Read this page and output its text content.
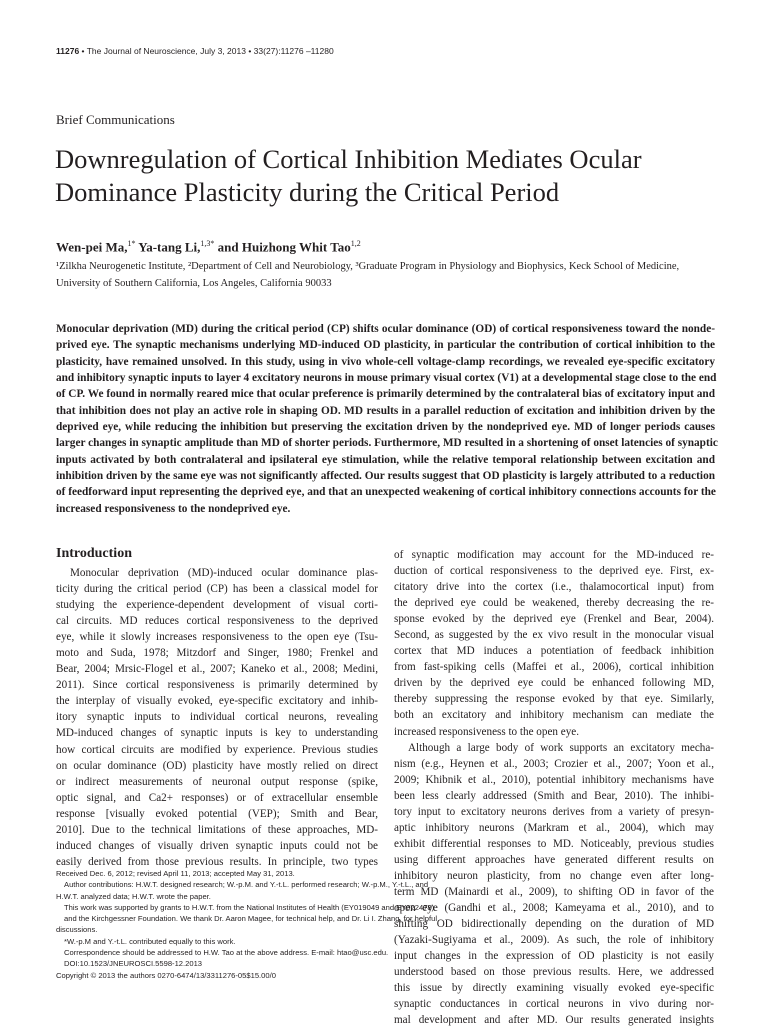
11276 • The Journal of Neuroscience, July 3, 2013 • 33(27):11276 –11280
Brief Communications
Downregulation of Cortical Inhibition Mediates Ocular
Dominance Plasticity during the Critical Period
Wen-pei Ma,$^{1*}$ Ya-tang Li,$^{1,3*}$ and Huizhong Whit Tao$^{1,2}$
¹Zilkha Neurogenetic Institute, ²Department of Cell and Neurobiology, ³Graduate Program in Physiology and Biophysics, Keck School of Medicine,
University of Southern California, Los Angeles, California 90033
Monocular deprivation (MD) during the critical period (CP) shifts ocular dominance (OD) of cortical responsiveness toward the nonde-
prived eye. The synaptic mechanisms underlying MD-induced OD plasticity, in particular the contribution of cortical inhibition to the
plasticity, have remained unsolved. In this study, using in vivo whole-cell voltage-clamp recordings, we revealed eye-specific excitatory
and inhibitory synaptic inputs to layer 4 excitatory neurons in mouse primary visual cortex (V1) at a developmental stage close to the end
of CP. We found in normally reared mice that ocular preference is primarily determined by the contralateral bias of excitatory input and
that inhibition does not play an active role in shaping OD. MD results in a parallel reduction of excitation and inhibition driven by the
deprived eye, while reducing the inhibition but preserving the excitation driven by the nondeprived eye. MD of longer periods causes
larger changes in synaptic amplitude than MD of shorter periods. Furthermore, MD resulted in a shortening of onset latencies of synaptic
inputs activated by both contralateral and ipsilateral eye stimulation, while the relative temporal relationship between excitation and
inhibition driven by the same eye was not significantly affected. Our results suggest that OD plasticity is largely attributed to a reduction
of feedforward input representing the deprived eye, and that an unexpected weakening of cortical inhibitory connections accounts for the
increased responsiveness to the nondeprived eye.
Introduction
Monocular deprivation (MD)-induced ocular dominance plas-
ticity during the critical period (CP) has been a classical model for
studying the experience-dependent development of visual corti-
cal circuits. MD reduces cortical responsiveness to the deprived
eye, while it slowly increases responsiveness to the open eye (Tsu-
moto and Suda, 1978; Mitzdorf and Singer, 1980; Frenkel and
Bear, 2004; Mrsic-Flogel et al., 2007; Kaneko et al., 2008; Medini,
2011). Since cortical responsiveness is primarily determined by
the interplay of visually evoked, eye-specific excitatory and inhib-
itory synaptic inputs to individual cortical neurons, revealing
MD-induced changes of synaptic inputs is key to understanding
how cortical circuits are modified by experience. Previous studies
on ocular dominance (OD) plasticity have mostly relied on direct
or indirect measurements of neuronal output response (spike,
optic signal, and Ca2+ responses) or of extracellular ensemble
response [visually evoked potential (VEP); Smith and Bear,
2010]. Due to the technical limitations of these approaches, MD-
induced changes of visually driven synaptic inputs could not be
easily derived from those previous results. In principle, two types
of synaptic modification may account for the MD-induced re-
duction of cortical responsiveness to the deprived eye. First, ex-
citatory drive into the cortex (i.e., thalamocortical input) from
the deprived eye could be weakened, thereby decreasing the re-
sponse evoked by the deprived eye (Frenkel and Bear, 2004).
Second, as suggested by the ex vivo result in the monocular visual
cortex that MD induces a potentiation of feedback inhibition
from fast-spiking cells (Maffei et al., 2006), cortical inhibition
driven by the deprived eye could be enhanced following MD,
thereby suppressing the response evoked by that eye. Similarly,
both an excitatory and inhibitory mechanism can mediate the
increased responsiveness to the open eye.
Although a large body of work supports an excitatory mecha-
nism (e.g., Heynen et al., 2003; Crozier et al., 2007; Yoon et al.,
2009; Khibnik et al., 2010), potential inhibitory mechanisms have
been less clearly addressed (Smith and Bear, 2010). The inhibi-
tory input to excitatory neurons derives from a variety of presyn-
aptic inhibitory neurons (Markram et al., 2004), which may
exhibit differential responses to MD. Noticeably, previous studies
using different approaches have generated different results on
inhibitory neuron plasticity, from no change even after long-
term MD (Mainardi et al., 2009), to shifting OD in favor of the
open eye (Gandhi et al., 2008; Kameyama et al., 2010), and to
shifting OD bidirectionally depending on the duration of MD
(Yazaki-Sugiyama et al., 2009). As such, the role of inhibitory
input changes in the expression of OD plasticity is not easily
understood based on those previous results. Here, we addressed
this issue by directly examining visually evoked eye-specific
synaptic conductances in cortical neurons in vivo during nor-
mal development and after MD. Our results generated insights
Received Dec. 6, 2012; revised April 11, 2013; accepted May 31, 2013.
Author contributions: H.W.T. designed research; W.-p.M. and Y.-t.L. performed research; W.-p.M., Y.-t.L., and
H.W.T. analyzed data; H.W.T. wrote the paper.
This work was supported by grants to H.W.T. from the National Institutes of Health (EY019049 and EY022478)
and the Kirchgessner Foundation. We thank Dr. Aaron Magee, for technical help, and Dr. Li I. Zhang, for helpful
discussions.
*W.-p.M and Y.-t.L. contributed equally to this work.
Correspondence should be addressed to H.W. Tao at the above address. E-mail: htao@usc.edu.
DOI:10.1523/JNEUROSCI.5598-12.2013
Copyright © 2013 the authors 0270-6474/13/3311276-05$15.00/0
